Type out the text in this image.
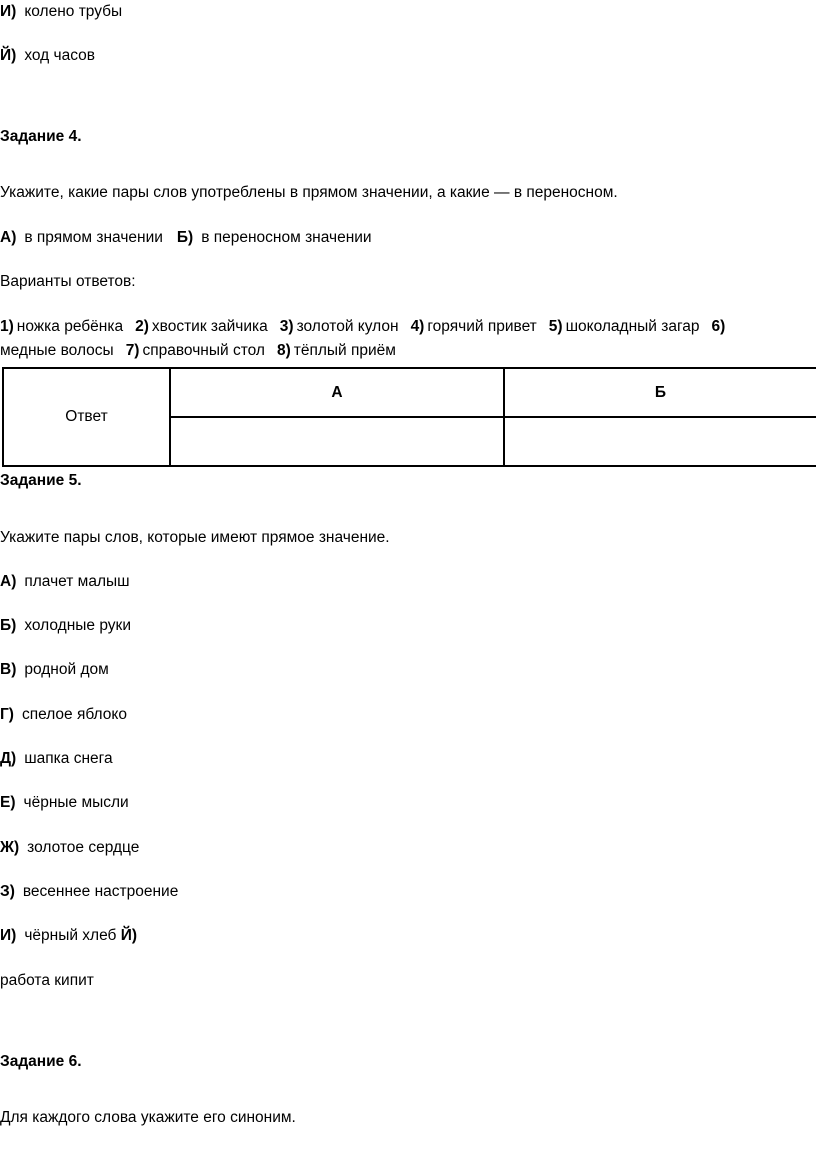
И) колено трубы
Й) ход часов
Задание 4.
Укажите, какие пары слов употреблены в прямом значении, а какие — в переносном.
А) в прямом значении Б) в переносном значении
Варианты ответов:
1) ножка ребёнка 2) хвостик зайчика 3) золотой кулон 4) горячий привет 5) шоколадный загар 6)
медные волосы 7) справочный стол 8) тёплый приём
Ответ	А	Б

Задание 5.
Укажите пары слов, которые имеют прямое значение.
А) плачет малыш
Б) холодные руки
В) родной дом
Г) спелое яблоко
Д) шапка снега
Е) чёрные мысли
Ж) золотое сердце
З) весеннее настроение
И) чёрный хлеб Й)
работа кипит
Задание 6.
Для каждого слова укажите его синоним.
